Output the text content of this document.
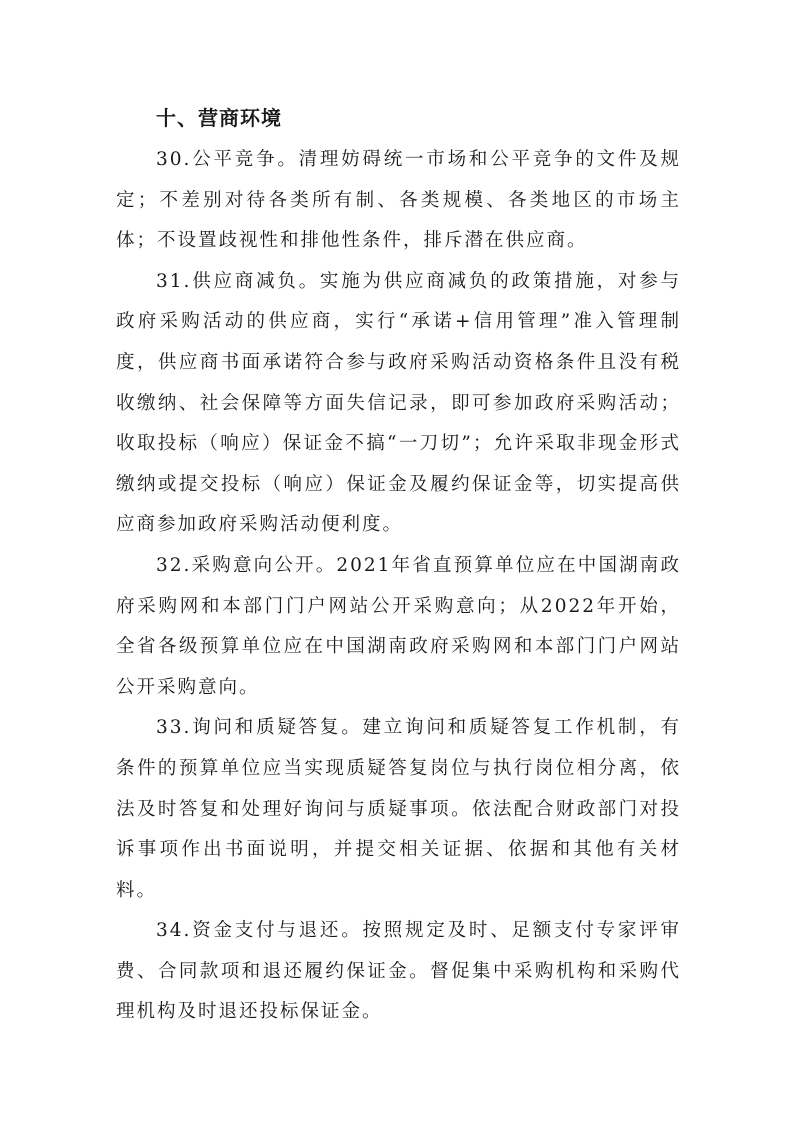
十、营商环境

30.公平竞争。清理妨碍统一市场和公平竞争的文件及规定；不差别对待各类所有制、各类规模、各类地区的市场主体；不设置歧视性和排他性条件，排斥潜在供应商。

31.供应商减负。实施为供应商减负的政策措施，对参与政府采购活动的供应商，实行“承诺+信用管理”准入管理制度，供应商书面承诺符合参与政府采购活动资格条件且没有税收缴纳、社会保障等方面失信记录，即可参加政府采购活动；收取投标（响应）保证金不搞“一刀切”；允许采取非现金形式缴纳或提交投标（响应）保证金及履约保证金等，切实提高供应商参加政府采购活动便利度。

32.采购意向公开。2021年省直预算单位应在中国湖南政府采购网和本部门门户网站公开采购意向；从2022年开始，全省各级预算单位应在中国湖南政府采购网和本部门门户网站公开采购意向。

33.询问和质疑答复。建立询问和质疑答复工作机制，有条件的预算单位应当实现质疑答复岗位与执行岗位相分离，依法及时答复和处理好询问与质疑事项。依法配合财政部门对投诉事项作出书面说明，并提交相关证据、依据和其他有关材料。

34.资金支付与退还。按照规定及时、足额支付专家评审费、合同款项和退还履约保证金。督促集中采购机构和采购代理机构及时退还投标保证金。
